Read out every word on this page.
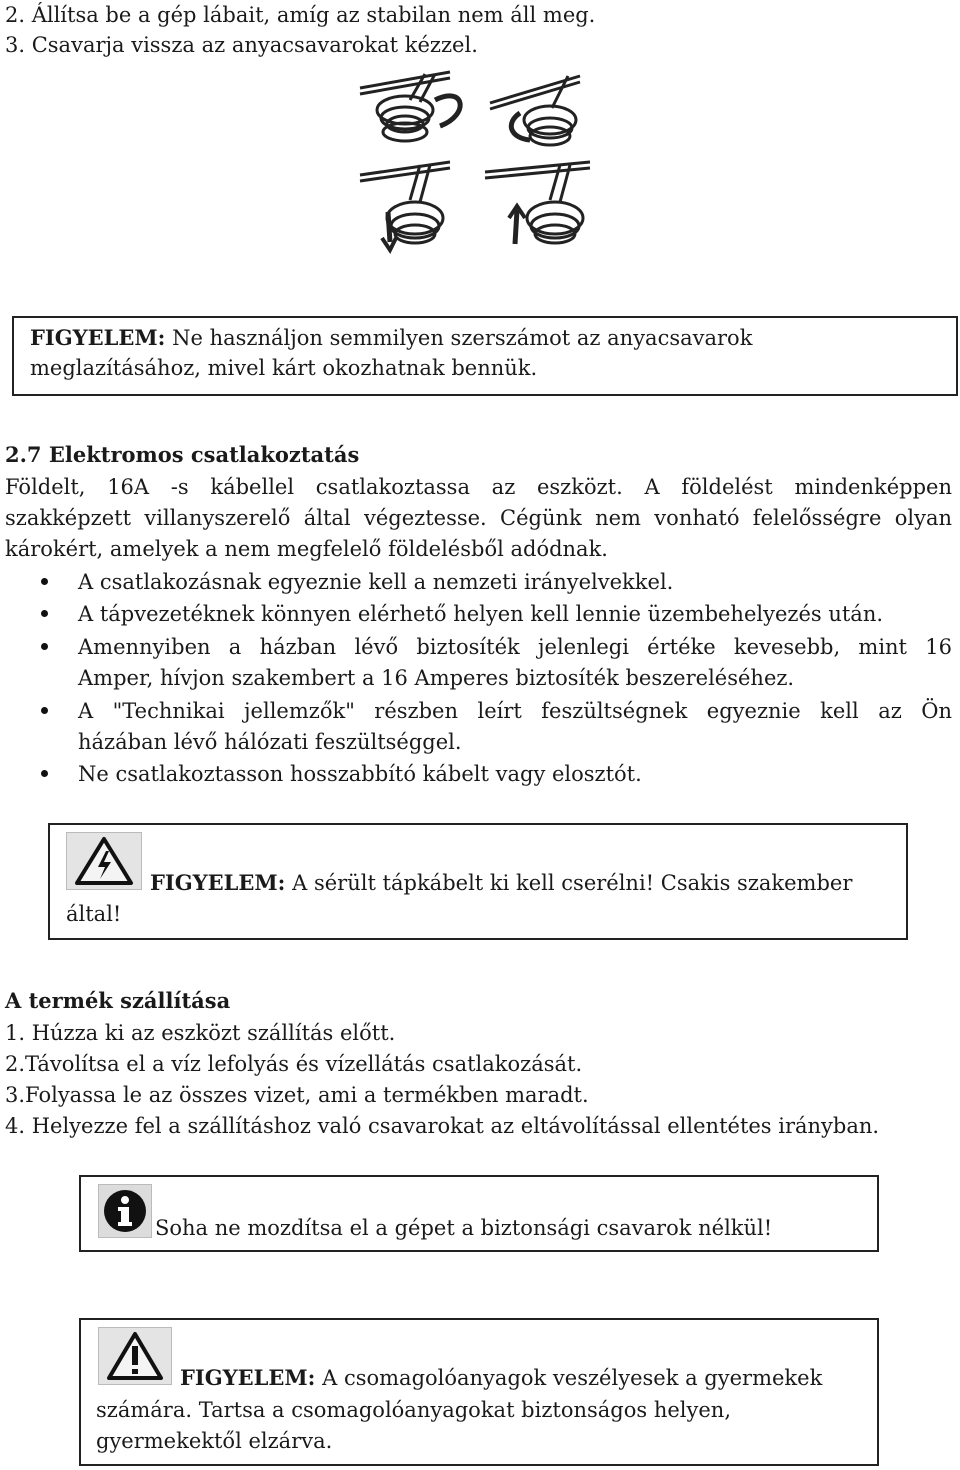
2. Állítsa be a gép lábait, amíg az stabilan nem áll meg.
3. Csavarja vissza az anyacsavarokat kézzel.
FIGYELEM: Ne használjon semmilyen szerszámot az anyacsavarok
meglazításához, mivel kárt okozhatnak bennük.
2.7 Elektromos csatlakoztatás
Földelt, 16A -s kábellel csatlakoztassa az eszközt. A földelést mindenképpen
szakképzett villanyszerelő által végeztesse. Cégünk nem vonható felelősségre olyan
károkért, amelyek a nem megfelelő földelésből adódnak.
A csatlakozásnak egyeznie kell a nemzeti irányelvekkel.
A tápvezetéknek könnyen elérhető helyen kell lennie üzembehelyezés után.
Amennyiben a házban lévő biztosíték jelenlegi értéke kevesebb, mint 16
Amper, hívjon szakembert a 16 Amperes biztosíték beszereléséhez.
A "Technikai jellemzők" részben leírt feszültségnek egyeznie kell az Ön
házában lévő hálózati feszültséggel.
Ne csatlakoztasson hosszabbító kábelt vagy elosztót.
FIGYELEM: A sérült tápkábelt ki kell cserélni! Csakis szakember
által!
A termék szállítása
1. Húzza ki az eszközt szállítás előtt.
2.Távolítsa el a víz lefolyás és vízellátás csatlakozását.
3.Folyassa le az összes vizet, ami a termékben maradt.
4. Helyezze fel a szállításhoz való csavarokat az eltávolítással ellentétes irányban.
Soha ne mozdítsa el a gépet a biztonsági csavarok nélkül!
FIGYELEM: A csomagolóanyagok veszélyesek a gyermekek
számára. Tartsa a csomagolóanyagokat biztonságos helyen,
gyermekektől elzárva.
